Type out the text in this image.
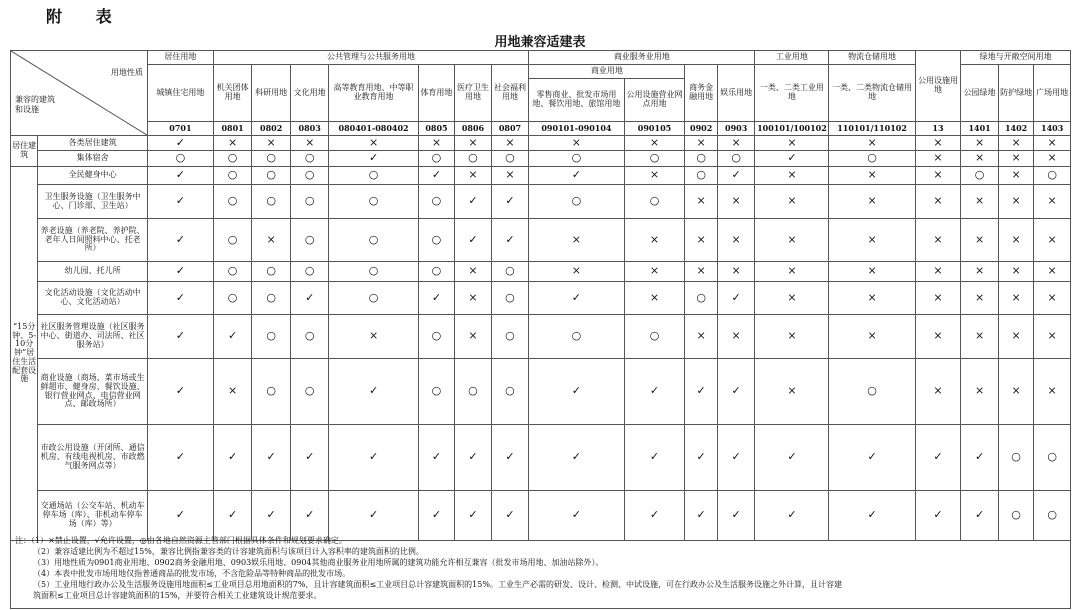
附 表
用地兼容适建表
用地性质
兼容的建筑
和设施		居住用地	公共管理与公共服务用地							商业服务业用地				工业用地	物流仓储用地	公用设施用地	绿地与开敞空间用地		
		城镇住宅用地	机关团体用地	科研用地	文化用地	高等教育用地、中等职业教育用地	体育用地	医疗卫生用地	社会福利用地	商业用地		商务金融用地	娱乐用地	一类、二类工业用地	一类、二类物流仓储用地		公园绿地	防护绿地	广场用地
										零售商业、批发市场用地、餐饮用地、旅馆用地	公用设施营业网点用地								
		0701	0801	0802	0803	080401-080402	0805	0806	0807	090101-090104	090105	0902	0903	100101/100102	110101/110102	13	1401	1402	1403
居住建筑	各类居住建筑	✓	×	×	×	×	×	×	×	×	×	×	×	×	×	×	×	×	×
	集体宿舍	○	○	○	○	✓	○	○	○	○	○	○	○	✓	○	×	×	×	×
“15分钟、5-10分钟”居住生活配套设施	全民健身中心	✓	○	○	○	○	✓	×	×	✓	×	○	✓	×	×	×	○	×	○
	卫生服务设施（卫生服务中心、门诊部、卫生站）	✓	○	○	○	○	○	✓	✓	○	○	×	×	×	×	×	×	×	×
	养老设施（养老院、养护院、老年人日间照料中心、托老所）	✓	○	×	○	○	○	✓	✓	×	×	×	×	×	×	×	×	×	×
	幼儿园、托儿所	✓	○	○	○	○	○	×	○	×	×	×	×	×	×	×	×	×	×
	文化活动设施（文化活动中心、文化活动站）	✓	○	○	✓	○	✓	×	○	✓	×	○	✓	×	×	×	×	×	×
	社区服务管理设施（社区服务中心、街道办、司法所、社区服务站）	✓	✓	○	○	×	○	×	○	○	○	×	×	×	×	×	×	×	×
	商业设施（商场、菜市场或生鲜超市、健身房、餐饮设施、银行营业网点、电信营业网点、邮政场所）	✓	×	○	○	✓	○	○	○	✓	✓	✓	✓	×	○	×	×	×	×
	市政公用设施（开闭所、通信机房、有线电视机房、市政燃气服务网点等）	✓	✓	✓	✓	✓	✓	✓	✓	✓	✓	✓	✓	✓	✓	✓	✓	○	○
	交通场站（公交车站、机动车停车场（库）、非机动车停车场（库）等）	✓	✓	✓	✓	✓	✓	✓	✓	✓	✓	✓	✓	✓	✓	✓	✓	○	○
注：（1）×禁止设置，√允许设置，◎由各地自然资源主管部门根据具体条件和规划要求确定。
（2）兼容适建比例为不超过15%，兼容比例指兼容类的计容建筑面积与该项目计入容积率的建筑面积的比例。
（3）用地性质为0901商业用地、0902商务金融用地、0903娱乐用地、0904其他商业服务业用地所属的建筑功能允许相互兼容（批发市场用地、加油站除外）。
（4）本表中批发市场用地仅指普通商品的批发市场，不含危险品等特种商品的批发市场。
（5）工业用地行政办公及生活服务设施用地面积≤工业项目总用地面积的7%，且计容建筑面积≤工业项目总计容建筑面积的15%。工业生产必需的研发、设计、检测、中试设施，可在行政办公及生活服务设施之外计算，且计容建
筑面积≤工业项目总计容建筑面积的15%，并要符合相关工业建筑设计规范要求。
